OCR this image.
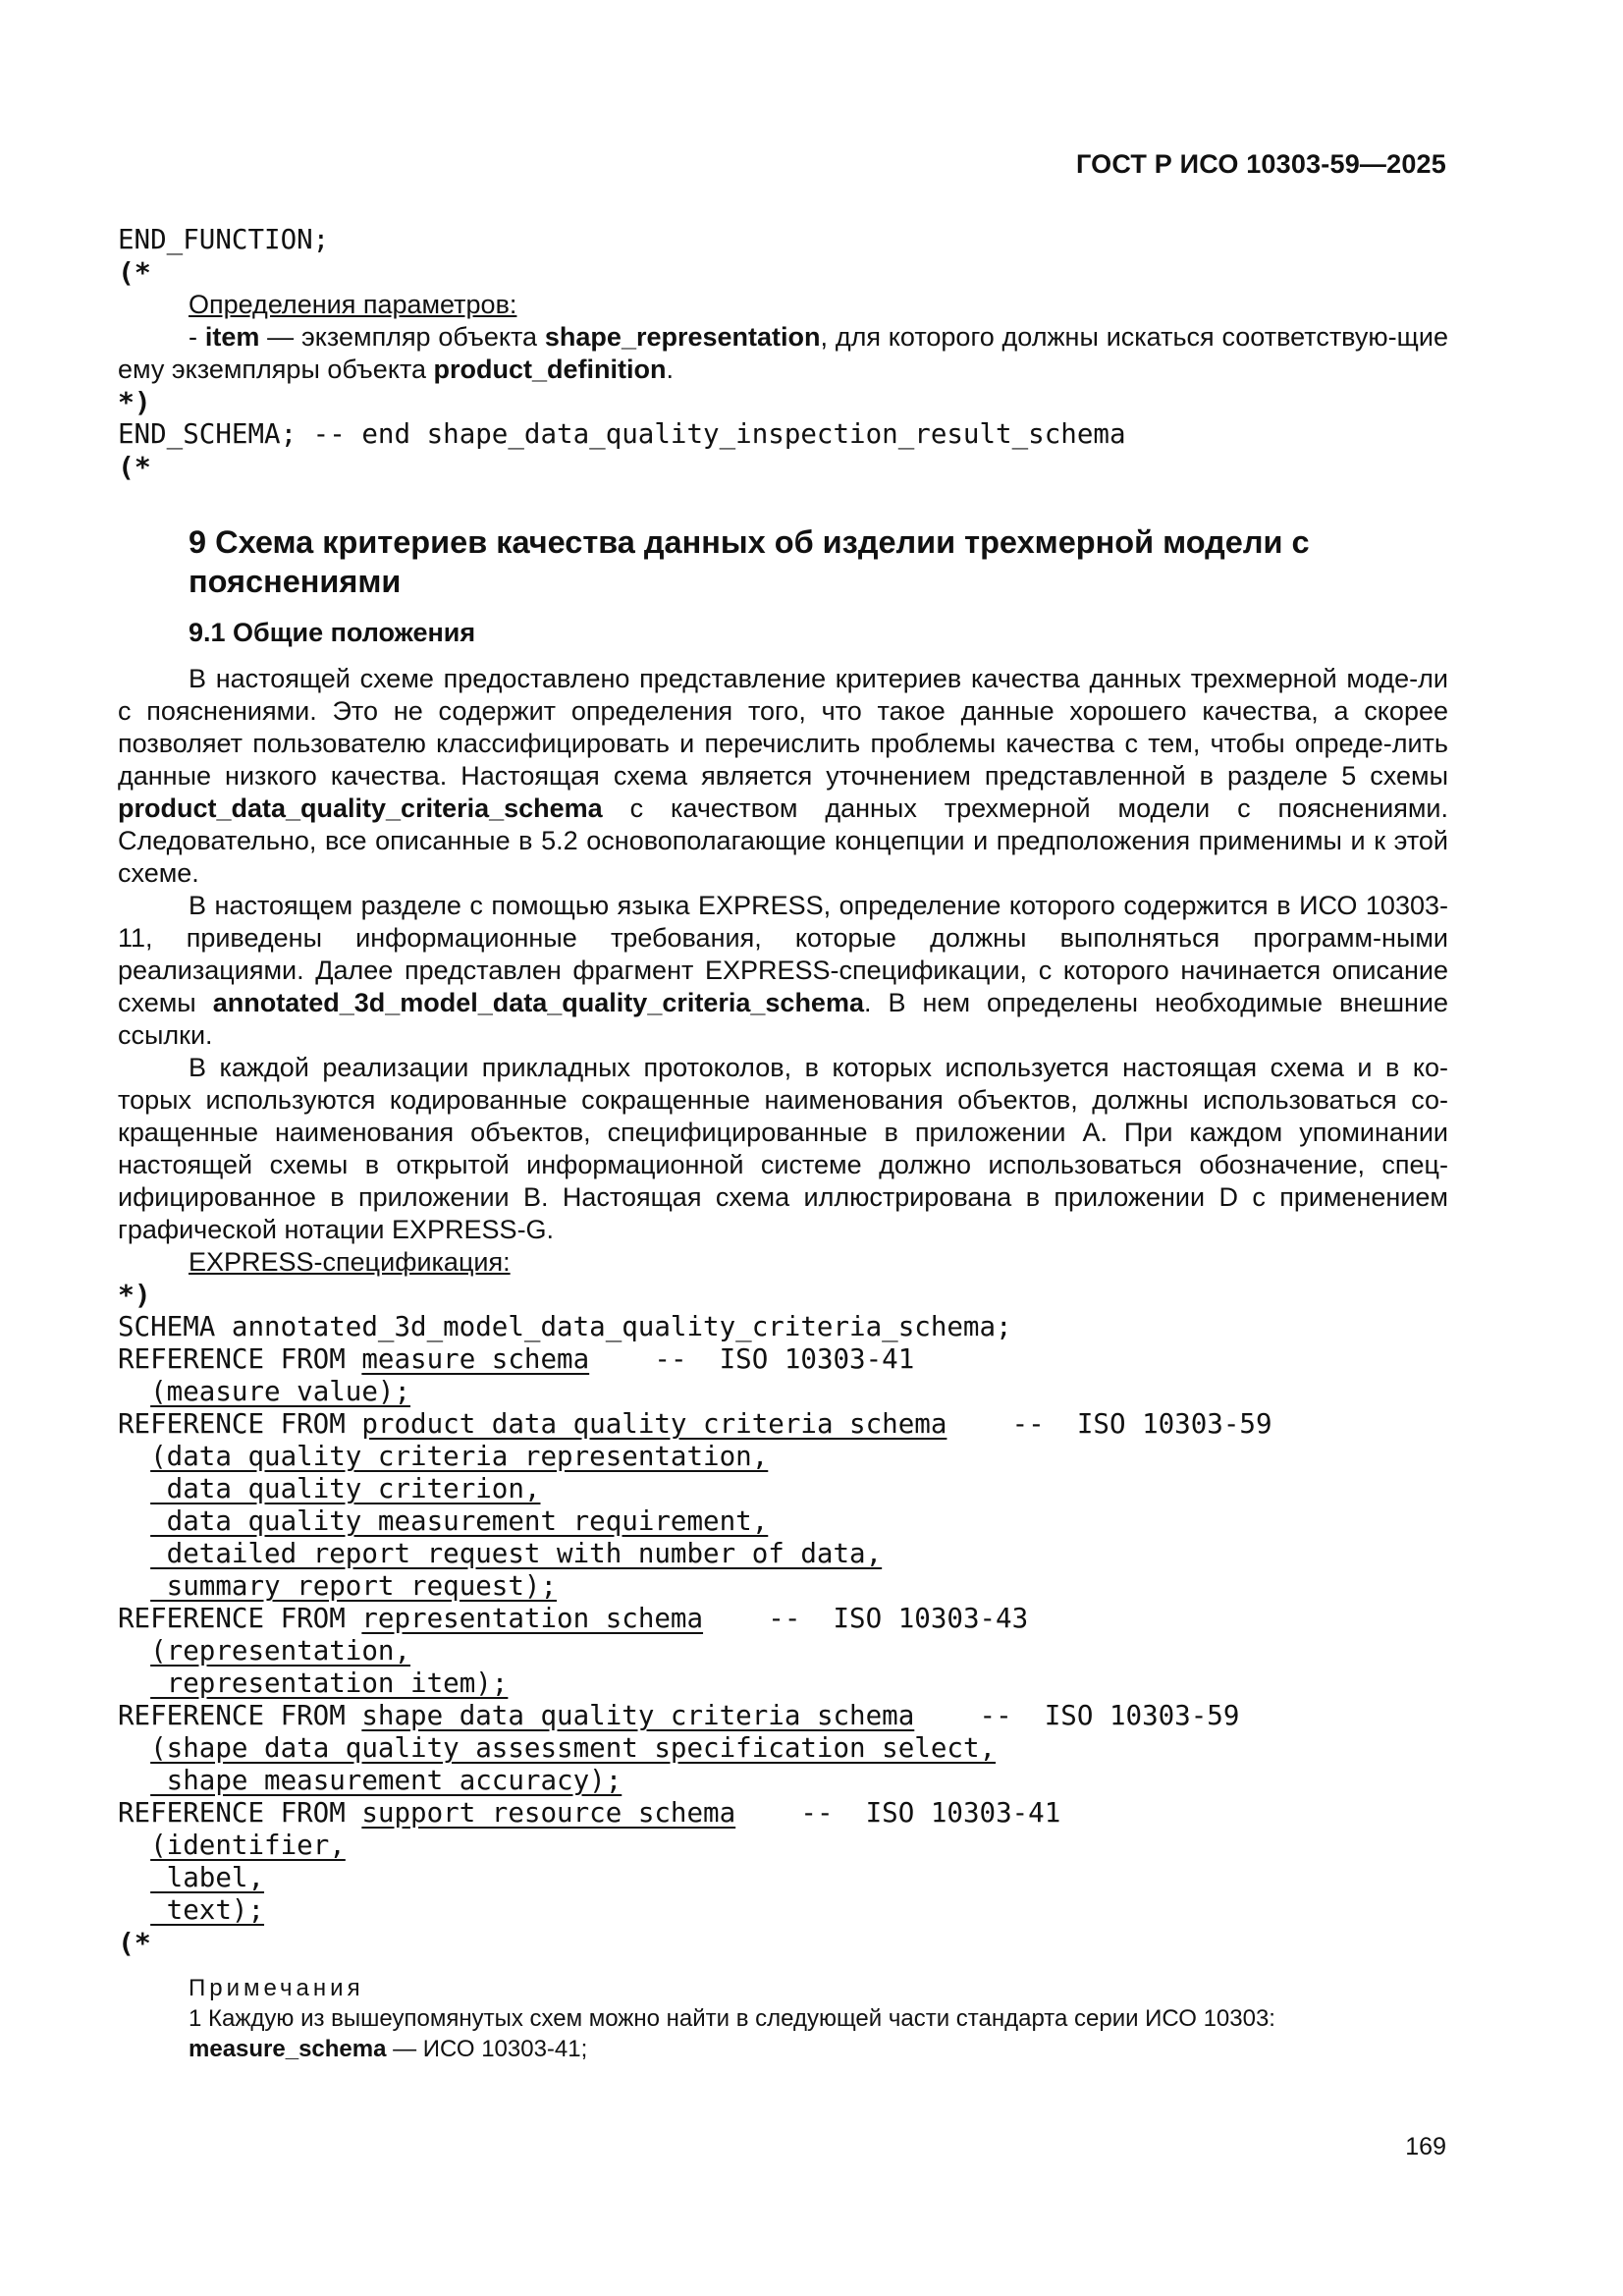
ГОСТ Р ИСО 10303-59—2025
END_FUNCTION;
(*
Определения параметров:

- item — экземпляр объекта shape_representation, для которого должны искаться соответствую-щие ему экземпляры объекта product_definition.

*)
END_SCHEMA; -- end shape_data_quality_inspection_result_schema
(*
9 Схема критериев качества данных об изделии трехмерной модели с пояснениями
9.1 Общие положения

В настоящей схеме предоставлено представление критериев качества данных трехмерной моде-ли с пояснениями. Это не содержит определения того, что такое данные хорошего качества, а скорее позволяет пользователю классифицировать и перечислить проблемы качества с тем, чтобы опреде-лить данные низкого качества. Настоящая схема является уточнением представленной в разделе 5 схемы product_data_quality_criteria_schema с качеством данных трехмерной модели с пояснениями. Следовательно, все описанные в 5.2 основополагающие концепции и предположения применимы и к этой схеме.

В настоящем разделе с помощью языка EXPRESS, определение которого содержится в ИСО 10303-11, приведены информационные требования, которые должны выполняться программ-ными реализациями. Далее представлен фрагмент EXPRESS-спецификации, с которого начинается описание схемы annotated_3d_model_data_quality_criteria_schema. В нем определены необходимые внешние ссылки.

В каждой реализации прикладных протоколов, в которых используется настоящая схема и в ко-торых используются кодированные сокращенные наименования объектов, должны использоваться со-кращенные наименования объектов, специфицированные в приложении А. При каждом упоминании настоящей схемы в открытой информационной системе должно использоваться обозначение, спец-ифицированное в приложении В. Настоящая схема иллюстрирована в приложении D с применением графической нотации EXPRESS-G.

EXPRESS-спецификация:
*)
SCHEMA annotated_3d_model_data_quality_criteria_schema;
REFERENCE FROM measure_schema    --  ISO 10303-41
(measure_value);
REFERENCE FROM product_data_quality_criteria_schema    --  ISO 10303-59
(data_quality_criteria_representation,
data_quality_criterion,
data_quality_measurement_requirement,
detailed_report_request_with_number_of_data,
summary_report_request);
REFERENCE FROM representation_schema    --  ISO 10303-43
(representation,
representation_item);
REFERENCE FROM shape_data_quality_criteria_schema    --  ISO 10303-59
(shape_data_quality_assessment_specification_select,
shape_measurement_accuracy);
REFERENCE FROM support_resource_schema    --  ISO 10303-41
(identifier,
label,
text);
(*
Примечания
1 Каждую из вышеупомянутых схем можно найти в следующей части стандарта серии ИСО 10303:
measure_schema — ИСО 10303-41;
169
